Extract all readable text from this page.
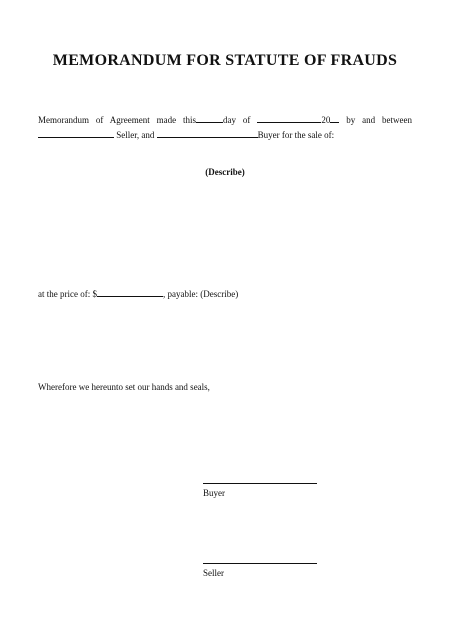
MEMORANDUM FOR STATUTE OF FRAUDS
Memorandum of Agreement made this	day of	20 by and between
Seller, and	Buyer for the sale of:
(Describe)
at the price of: $	, payable: (Describe)
Wherefore we hereunto set our hands and seals,
Buyer
Seller
